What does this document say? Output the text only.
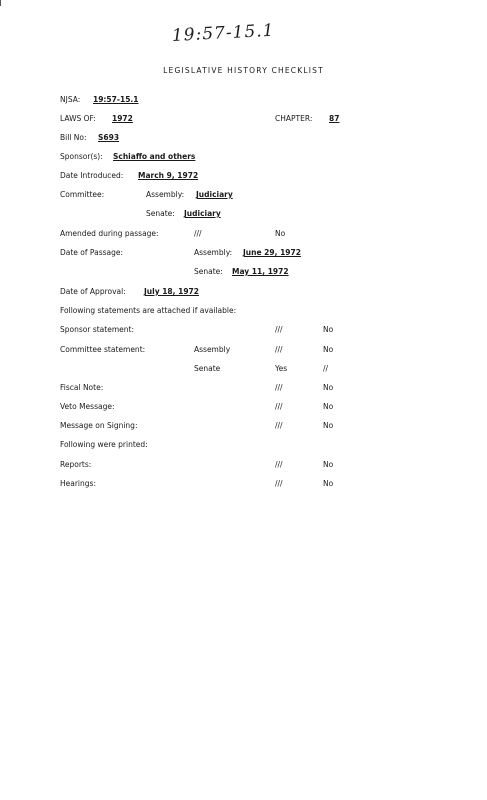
19:57-15.1
LEGISLATIVE HISTORY CHECKLIST
NJSA: 19:57-15.1
LAWS OF: 1972	CHAPTER: 87
Bill No: S693
Sponsor(s): Schiaffo and others
Date Introduced: March 9, 1972
Committee:	Assembly: Judiciary
Senate: Judiciary
Amended during passage:	///	No
Date of Passage:	Assembly: June 29, 1972
Senate: May 11, 1972
Date of Approval: July 18, 1972
Following statements are attached if available:
Sponsor statement:	///	No
Committee statement:	Assembly	///	No
Senate	Yes	//
Fiscal Note:	///	No
Veto Message:	///	No
Message on Signing:	///	No
Following were printed:
Reports:	///	No
Hearings:	///	No
